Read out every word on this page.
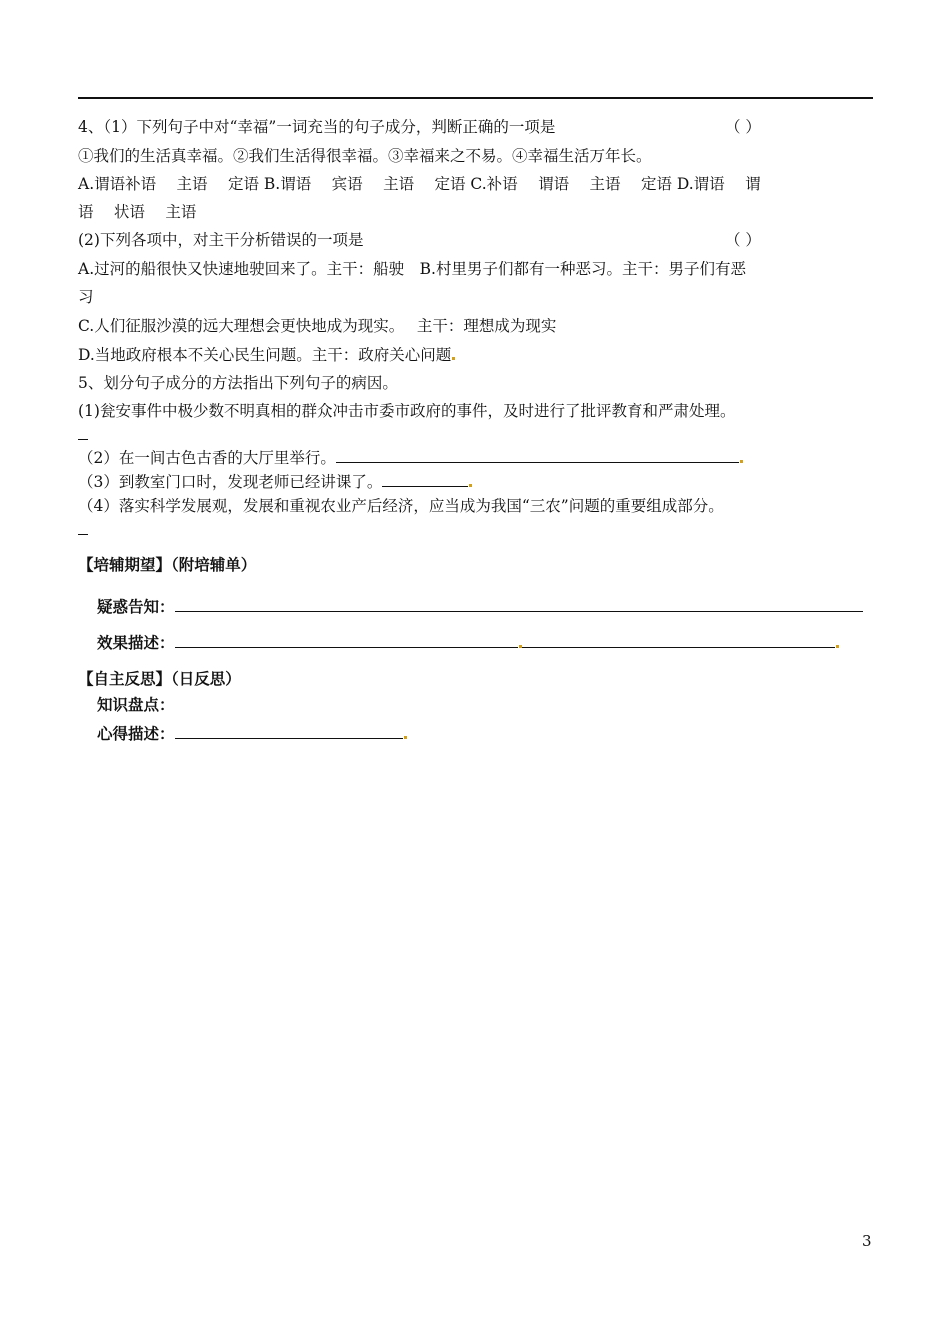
4、（1）下列句子中对“幸福”一词充当的句子成分，判断正确的一项是	（ ）
①我们的生活真幸福。②我们生活得很幸福。③幸福来之不易。④幸福生活万年长。
A.谓语补语　 主语　 定语 B.谓语　 宾语　 主语　 定语 C.补语　 谓语　 主语　 定语 D.谓语　 谓
语　 状语　 主语
(2)下列各项中，对主干分析错误的一项是	（ ）
A.过河的船很快又快速地驶回来了。主干：船驶　B.村里男子们都有一种恶习。主干：男子们有恶
习
C.人们征服沙漠的远大理想会更快地成为现实。　 主干：理想成为现实
D.当地政府根本不关心民生问题。主干：政府关心问题
5、划分句子成分的方法指出下列句子的病因。
(1)瓮安事件中极少数不明真相的群众冲击市委市政府的事件，及时进行了批评教育和严肃处理。
（2）在一间古色古香的大厅里举行。
（3）到教室门口时，发现老师已经讲课了。
（4）落实科学发展观，发展和重视农业产后经济，应当成为我国“三农”问题的重要组成部分。
【培辅期望】（附培辅单）
疑惑告知：
效果描述：
【自主反思】（日反思）
知识盘点：
心得描述：
3
